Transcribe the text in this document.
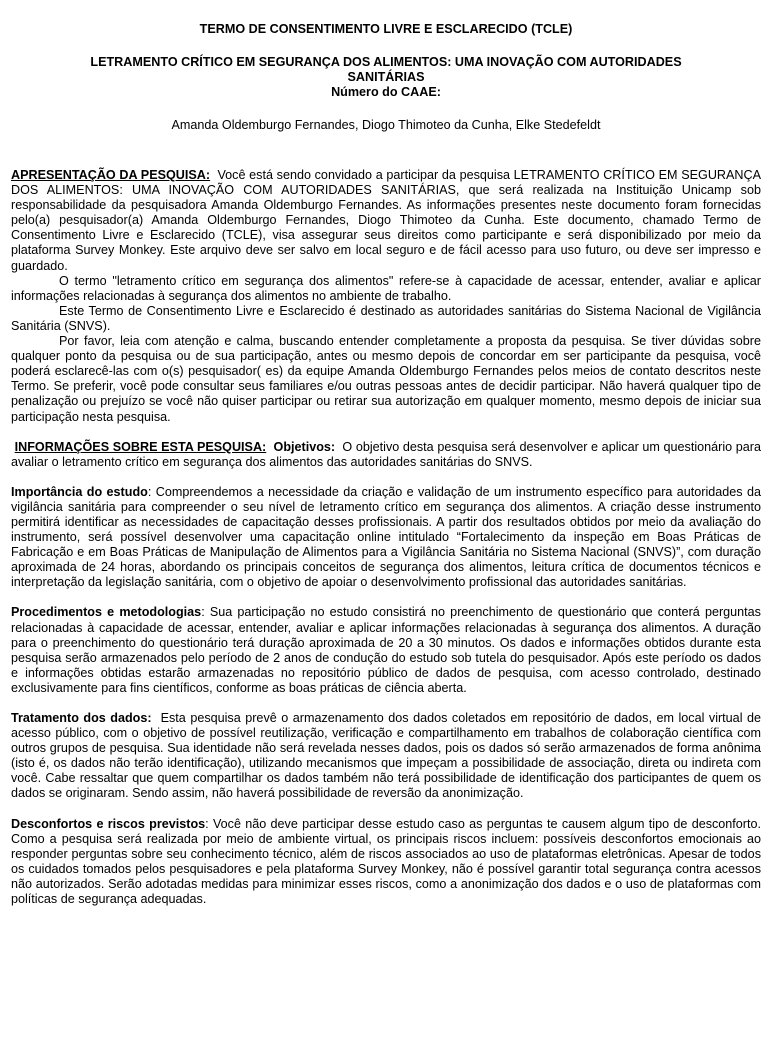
TERMO DE CONSENTIMENTO LIVRE E ESCLARECIDO (TCLE)

LETRAMENTO CRÍTICO EM SEGURANÇA DOS ALIMENTOS: UMA INOVAÇÃO COM AUTORIDADES
SANITÁRIAS

Número do CAAE:

Amanda Oldemburgo Fernandes, Diogo Thimoteo da Cunha, Elke Stedefeldt

APRESENTAÇÃO DA PESQUISA: Você está sendo convidado a participar da pesquisa LETRAMENTO CRÍTICO EM SEGURANÇA DOS ALIMENTOS: UMA INOVAÇÃO COM AUTORIDADES SANITÁRIAS, que será realizada na Instituição Unicamp sob responsabilidade da pesquisadora Amanda Oldemburgo Fernandes. As informações presentes neste documento foram fornecidas pelo(a) pesquisador(a) Amanda Oldemburgo Fernandes, Diogo Thimoteo da Cunha. Este documento, chamado Termo de Consentimento Livre e Esclarecido (TCLE), visa assegurar seus direitos como participante e será disponibilizado por meio da plataforma Survey Monkey. Este arquivo deve ser salvo em local seguro e de fácil acesso para uso futuro, ou deve ser impresso e guardado.

O termo "letramento crítico em segurança dos alimentos" refere-se à capacidade de acessar, entender, avaliar e aplicar informações relacionadas à segurança dos alimentos no ambiente de trabalho.

Este Termo de Consentimento Livre e Esclarecido é destinado as autoridades sanitárias do Sistema Nacional de Vigilância Sanitária (SNVS).

Por favor, leia com atenção e calma, buscando entender completamente a proposta da pesquisa. Se tiver dúvidas sobre qualquer ponto da pesquisa ou de sua participação, antes ou mesmo depois de concordar em ser participante da pesquisa, você poderá esclarecê-las com o(s) pesquisador( es) da equipe Amanda Oldemburgo Fernandes pelos meios de contato descritos neste Termo. Se preferir, você pode consultar seus familiares e/ou outras pessoas antes de decidir participar. Não haverá qualquer tipo de penalização ou prejuízo se você não quiser participar ou retirar sua autorização em qualquer momento, mesmo depois de iniciar sua participação nesta pesquisa.

INFORMAÇÕES SOBRE ESTA PESQUISA: Objetivos: O objetivo desta pesquisa será desenvolver e aplicar um questionário para avaliar o letramento crítico em segurança dos alimentos das autoridades sanitárias do SNVS.

Importância do estudo: Compreendemos a necessidade da criação e validação de um instrumento específico para autoridades da vigilância sanitária para compreender o seu nível de letramento crítico em segurança dos alimentos. A criação desse instrumento permitirá identificar as necessidades de capacitação desses profissionais. A partir dos resultados obtidos por meio da avaliação do instrumento, será possível desenvolver uma capacitação online intitulado “Fortalecimento da inspeção em Boas Práticas de Fabricação e em Boas Práticas de Manipulação de Alimentos para a Vigilância Sanitária no Sistema Nacional (SNVS)”, com duração aproximada de 24 horas, abordando os principais conceitos de segurança dos alimentos, leitura crítica de documentos técnicos e interpretação da legislação sanitária, com o objetivo de apoiar o desenvolvimento profissional das autoridades sanitárias.

Procedimentos e metodologias: Sua participação no estudo consistirá no preenchimento de questionário que conterá perguntas relacionadas à capacidade de acessar, entender, avaliar e aplicar informações relacionadas à segurança dos alimentos. A duração para o preenchimento do questionário terá duração aproximada de 20 a 30 minutos. Os dados e informações obtidos durante esta pesquisa serão armazenados pelo período de 2 anos de condução do estudo sob tutela do pesquisador. Após este período os dados e informações obtidas estarão armazenadas no repositório público de dados de pesquisa, com acesso controlado, destinado exclusivamente para fins científicos, conforme as boas práticas de ciência aberta.

Tratamento dos dados: Esta pesquisa prevê o armazenamento dos dados coletados em repositório de dados, em local virtual de acesso público, com o objetivo de possível reutilização, verificação e compartilhamento em trabalhos de colaboração científica com outros grupos de pesquisa. Sua identidade não será revelada nesses dados, pois os dados só serão armazenados de forma anônima (isto é, os dados não terão identificação), utilizando mecanismos que impeçam a possibilidade de associação, direta ou indireta com você. Cabe ressaltar que quem compartilhar os dados também não terá possibilidade de identificação dos participantes de quem os dados se originaram. Sendo assim, não haverá possibilidade de reversão da anonimização.

Desconfortos e riscos previstos: Você não deve participar desse estudo caso as perguntas te causem algum tipo de desconforto. Como a pesquisa será realizada por meio de ambiente virtual, os principais riscos incluem: possíveis desconfortos emocionais ao responder perguntas sobre seu conhecimento técnico, além de riscos associados ao uso de plataformas eletrônicas. Apesar de todos os cuidados tomados pelos pesquisadores e pela plataforma Survey Monkey, não é possível garantir total segurança contra acessos não autorizados. Serão adotadas medidas para minimizar esses riscos, como a anonimização dos dados e o uso de plataformas com políticas de segurança adequadas.
